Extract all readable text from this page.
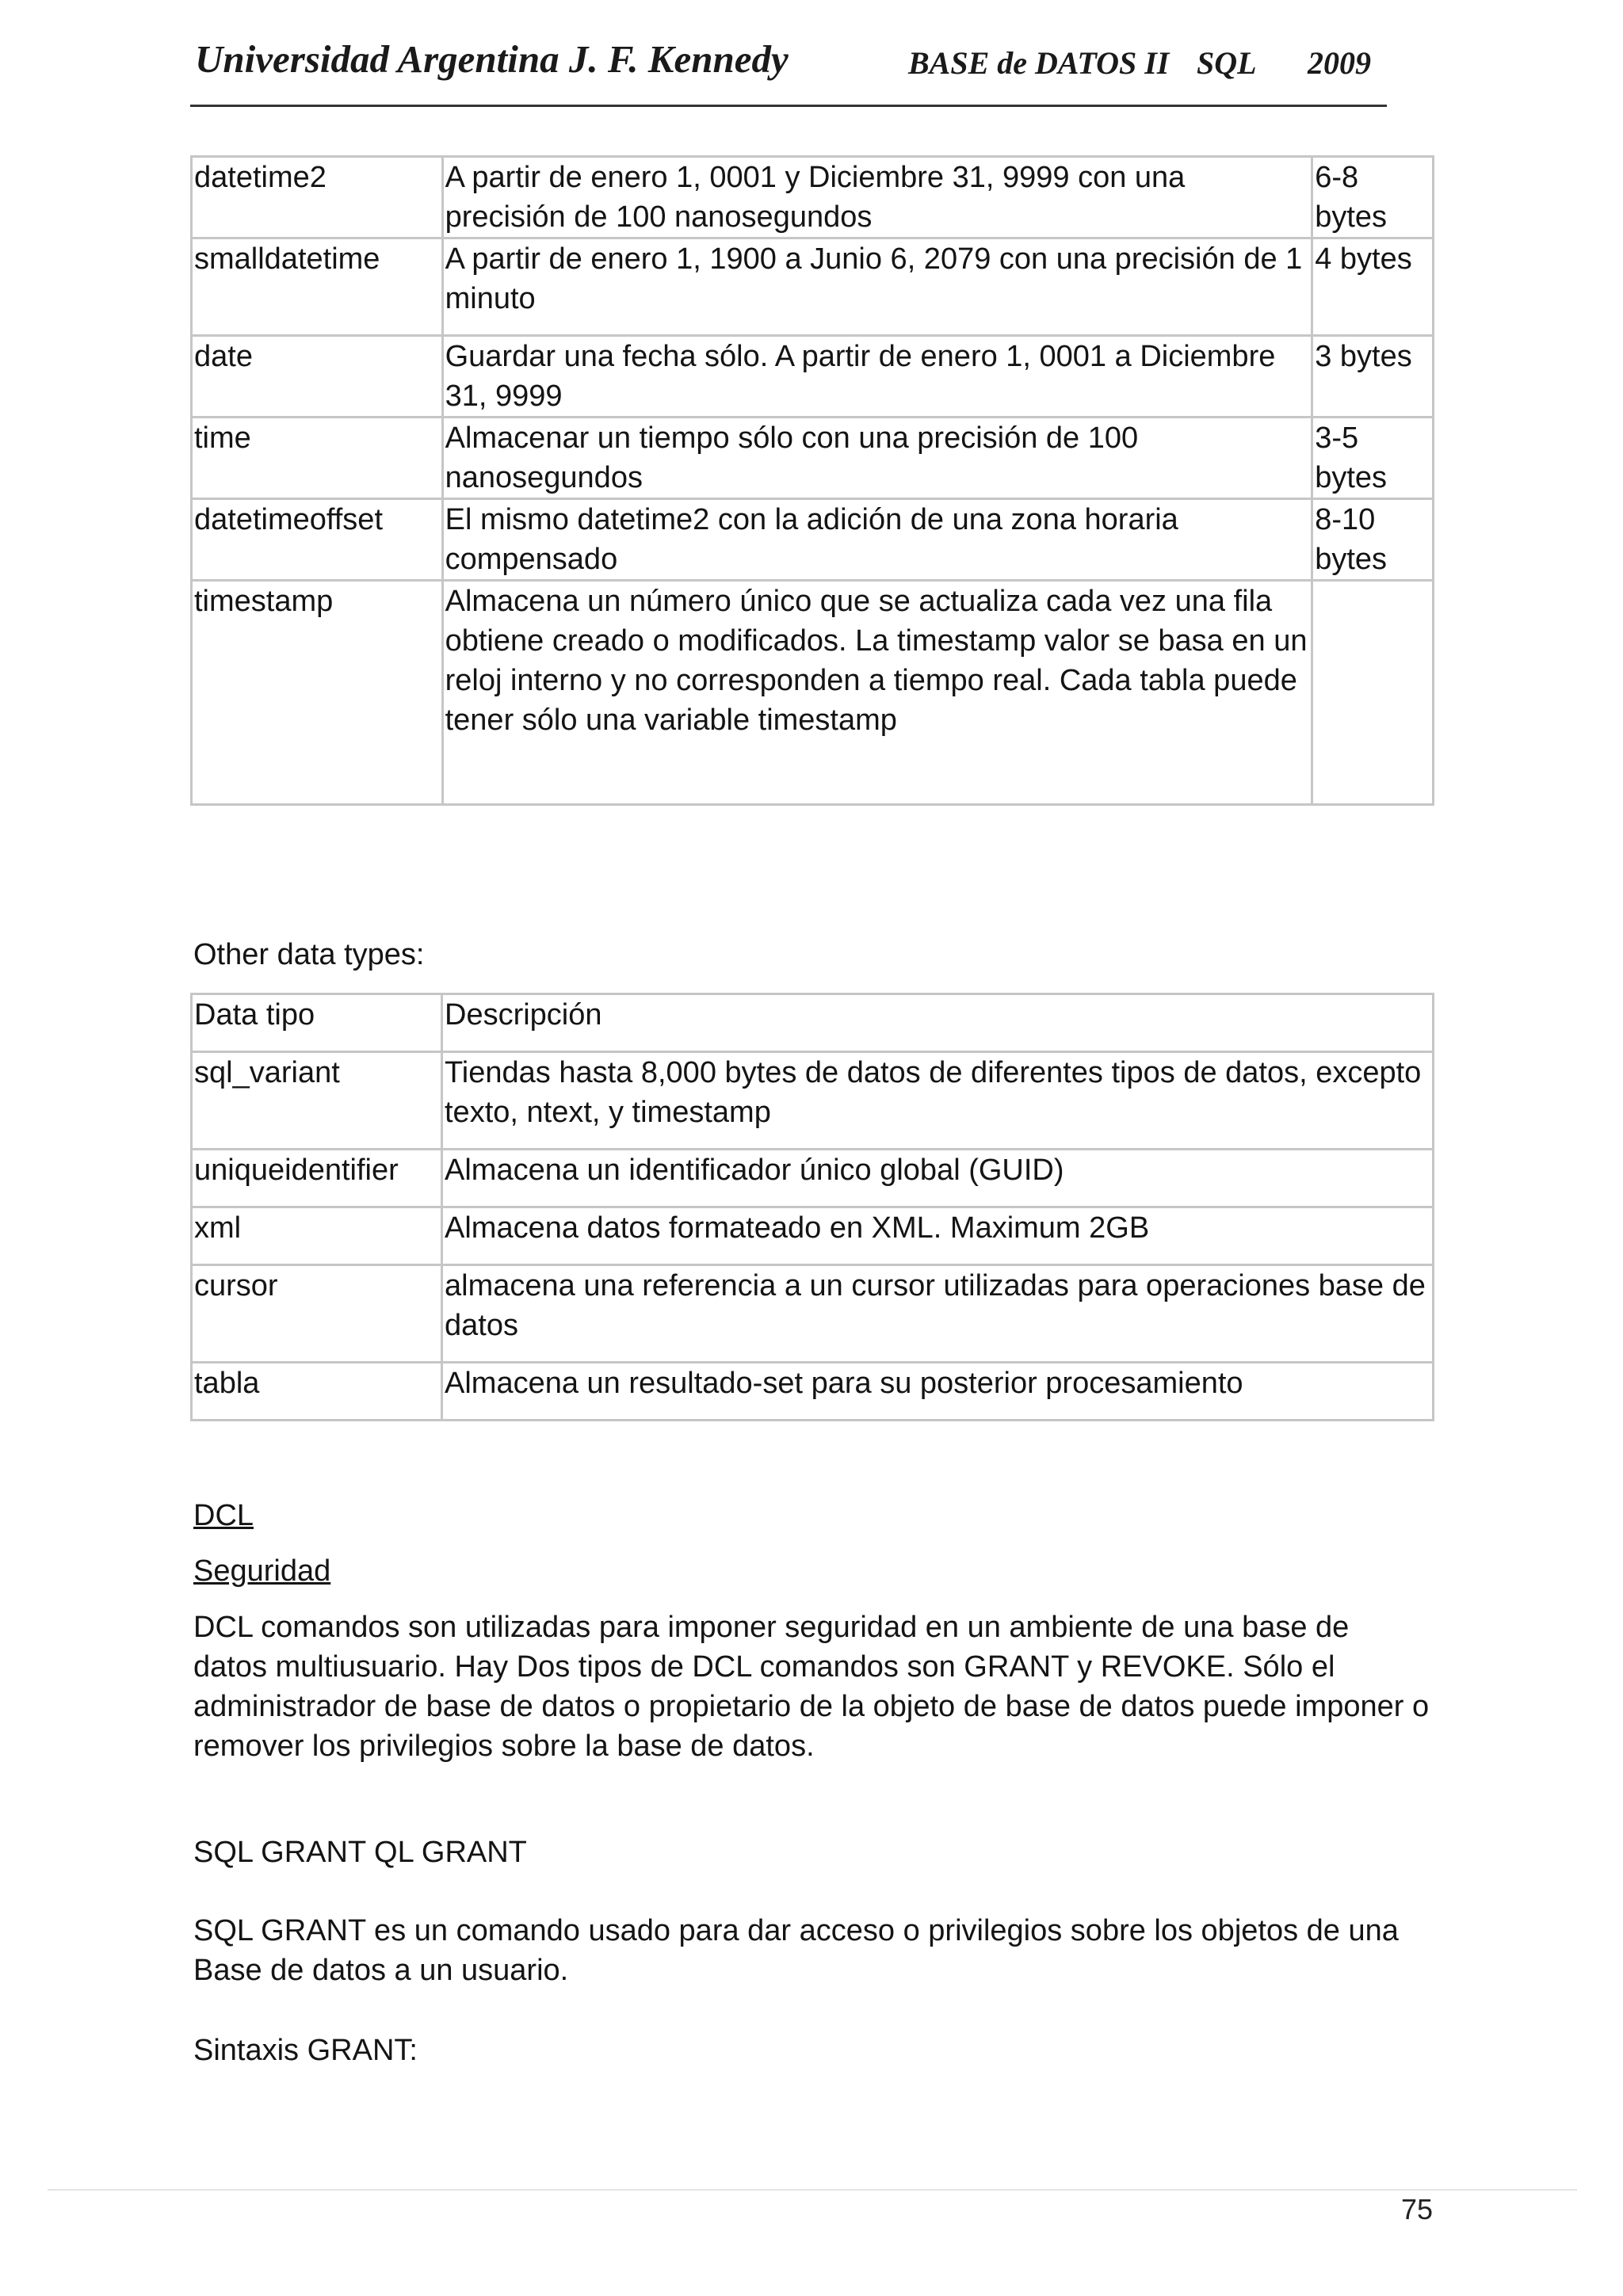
Universidad Argentina J. F. Kennedy	BASE de DATOS II SQL 2009
datetime2	A partir de enero 1, 0001 y Diciembre 31, 9999 con una precisión de 100 nanosegundos	6-8 bytes
smalldatetime	A partir de enero 1, 1900 a Junio 6, 2079 con una precisión de 1 minuto	4 bytes
date	Guardar una fecha sólo. A partir de enero 1, 0001 a Diciembre 31, 9999	3 bytes
time	Almacenar un tiempo sólo con una precisión de 100 nanosegundos	3-5 bytes
datetimeoffset	El mismo datetime2 con la adición de una zona horaria compensado	8-10 bytes
timestamp	Almacena un número único que se actualiza cada vez una fila obtiene creado o modificados. La timestamp valor se basa en un reloj interno y no corresponden a tiempo real. Cada tabla puede tener sólo una variable timestamp	
Other data types:
Data tipo	Descripción
sql_variant	Tiendas hasta 8,000 bytes de datos de diferentes tipos de datos, excepto texto, ntext, y timestamp
uniqueidentifier	Almacena un identificador único global (GUID)
xml	Almacena datos formateado en XML. Maximum 2GB
cursor	almacena una referencia a un cursor utilizadas para operaciones base de datos
tabla	Almacena un resultado-set para su posterior procesamiento
DCL
Seguridad
DCL comandos son utilizadas para imponer seguridad en un ambiente de una base de datos multiusuario. Hay Dos tipos de DCL comandos son GRANT y REVOKE. Sólo el administrador de base de datos o propietario de la objeto de base de datos puede imponer o remover los privilegios sobre la base de datos.
SQL GRANT QL GRANT
SQL GRANT es un comando usado para dar acceso o privilegios sobre los objetos de una Base de datos a un usuario.
Sintaxis GRANT:
75
